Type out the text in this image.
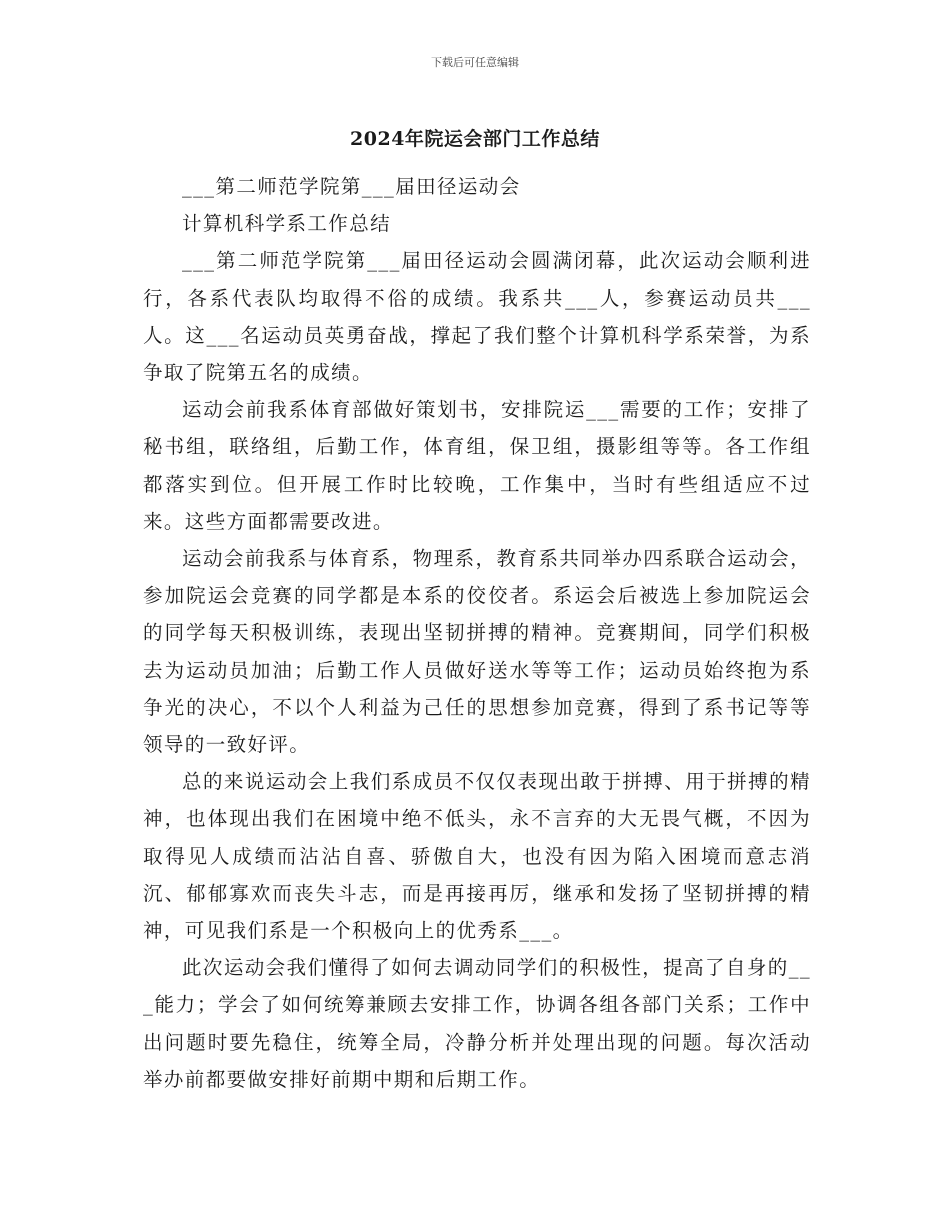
下载后可任意编辑
2024年院运会部门工作总结

___第二师范学院第___届田径运动会

计算机科学系工作总结

___第二师范学院第___届田径运动会圆满闭幕，此次运动会顺利进行，各系代表队均取得不俗的成绩。我系共___人，参赛运动员共___人。这___名运动员英勇奋战，撑起了我们整个计算机科学系荣誉，为系争取了院第五名的成绩。

运动会前我系体育部做好策划书，安排院运___需要的工作；安排了秘书组，联络组，后勤工作，体育组，保卫组，摄影组等等。各工作组都落实到位。但开展工作时比较晚，工作集中，当时有些组适应不过来。这些方面都需要改进。

运动会前我系与体育系，物理系，教育系共同举办四系联合运动会，参加院运会竞赛的同学都是本系的佼佼者。系运会后被选上参加院运会的同学每天积极训练，表现出坚韧拼搏的精神。竞赛期间，同学们积极去为运动员加油；后勤工作人员做好送水等等工作；运动员始终抱为系争光的决心，不以个人利益为己任的思想参加竞赛，得到了系书记等等领导的一致好评。

总的来说运动会上我们系成员不仅仅表现出敢于拼搏、用于拼搏的精神，也体现出我们在困境中绝不低头，永不言弃的大无畏气概，不因为取得见人成绩而沾沾自喜、骄傲自大，也没有因为陷入困境而意志消沉、郁郁寡欢而丧失斗志，而是再接再厉，继承和发扬了坚韧拼搏的精神，可见我们系是一个积极向上的优秀系___。

此次运动会我们懂得了如何去调动同学们的积极性，提高了自身的___能力；学会了如何统筹兼顾去安排工作，协调各组各部门关系；工作中出问题时要先稳住，统筹全局，冷静分析并处理出现的问题。每次活动举办前都要做安排好前期中期和后期工作。
